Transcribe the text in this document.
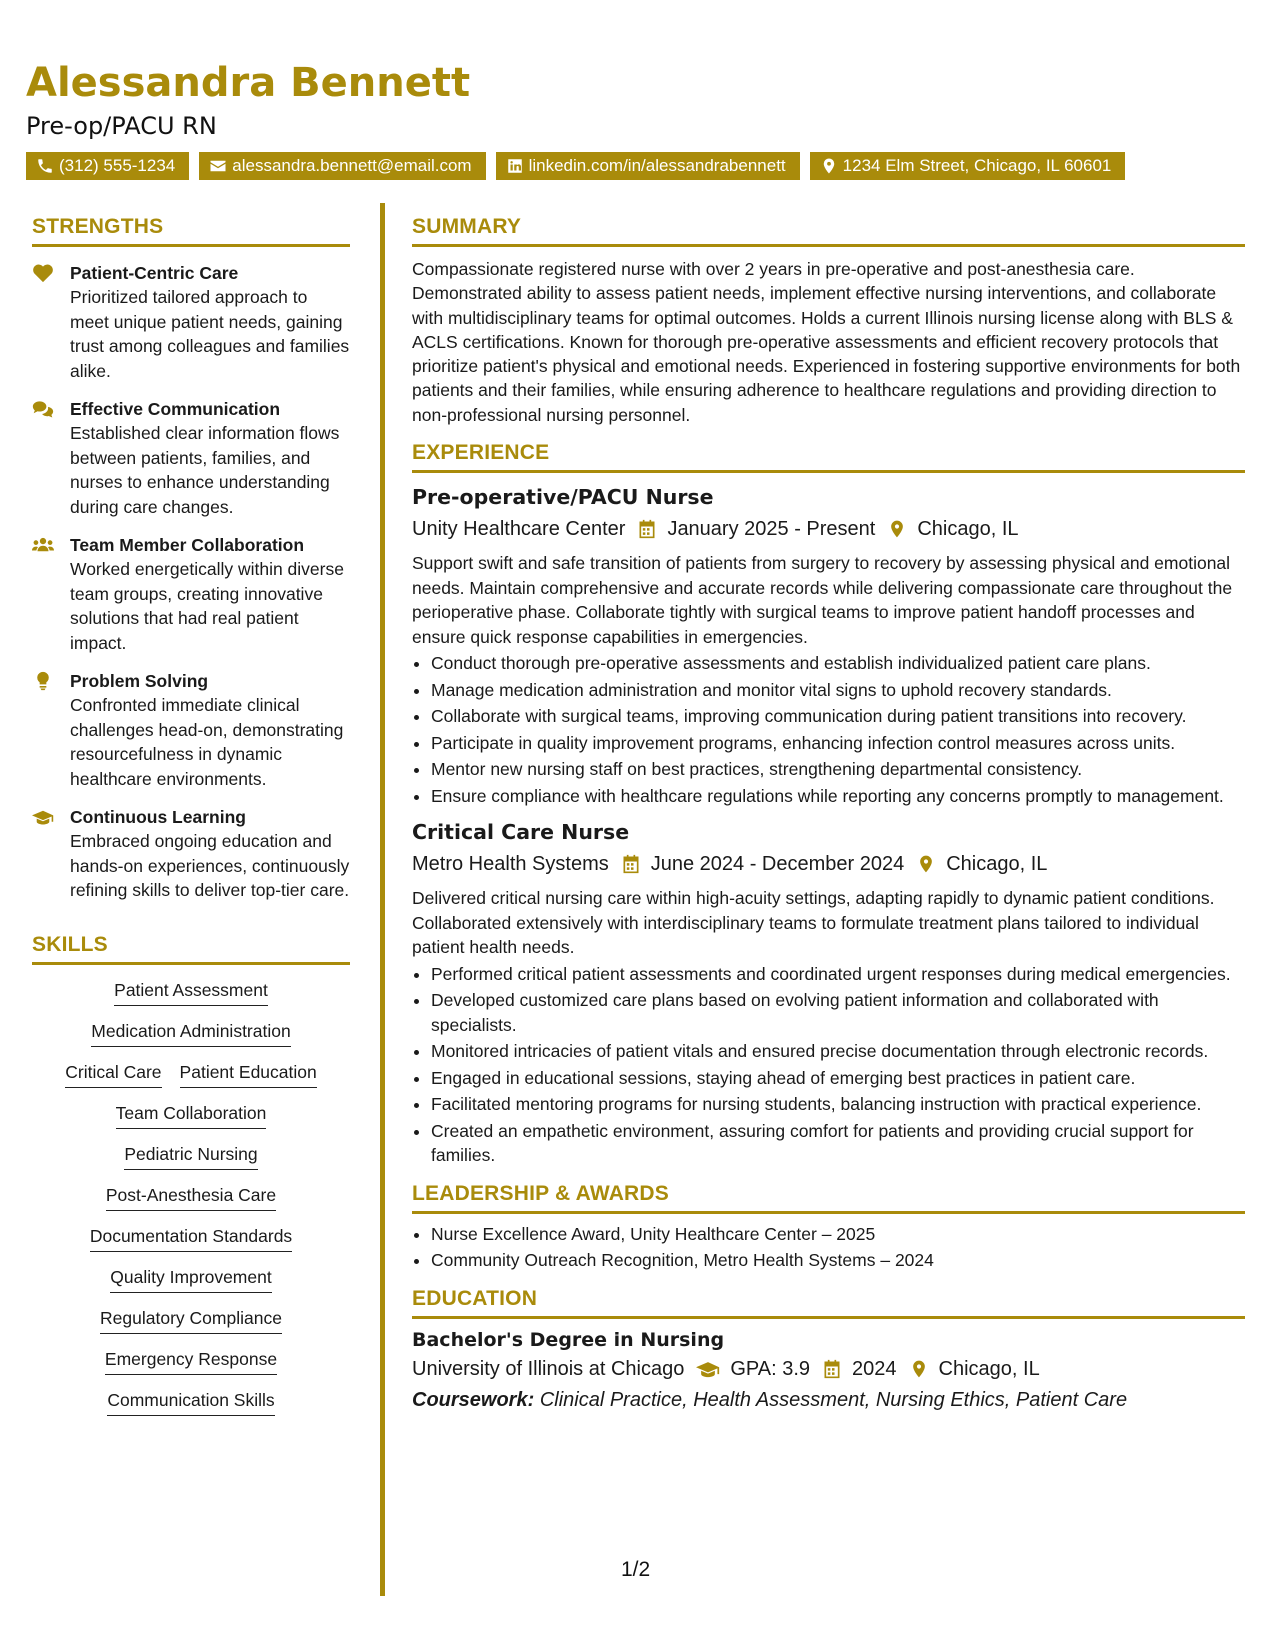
Alessandra Bennett
Pre-op/PACU RN
(312) 555-1234	alessandra.bennett@email.com	linkedin.com/in/alessandrabennett	1234 Elm Street, Chicago, IL 60601
STRENGTHS
Patient-Centric Care
Prioritized tailored approach to meet unique patient needs, gaining trust among colleagues and families alike.
Effective Communication
Established clear information flows between patients, families, and nurses to enhance understanding during care changes.
Team Member Collaboration
Worked energetically within diverse team groups, creating innovative solutions that had real patient impact.
Problem Solving
Confronted immediate clinical challenges head-on, demonstrating resourcefulness in dynamic healthcare environments.
Continuous Learning
Embraced ongoing education and hands-on experiences, continuously refining skills to deliver top-tier care.
SKILLS
Patient Assessment
Medication Administration
Critical Care Patient Education
Team Collaboration
Pediatric Nursing
Post-Anesthesia Care
Documentation Standards
Quality Improvement
Regulatory Compliance
Emergency Response
Communication Skills
SUMMARY
Compassionate registered nurse with over 2 years in pre-operative and post-anesthesia care. Demonstrated ability to assess patient needs, implement effective nursing interventions, and collaborate with multidisciplinary teams for optimal outcomes. Holds a current Illinois nursing license along with BLS & ACLS certifications. Known for thorough pre-operative assessments and efficient recovery protocols that prioritize patient's physical and emotional needs. Experienced in fostering supportive environments for both patients and their families, while ensuring adherence to healthcare regulations and providing direction to non-professional nursing personnel.
EXPERIENCE
Pre-operative/PACU Nurse
Unity Healthcare Center January 2025 - Present Chicago, IL
Support swift and safe transition of patients from surgery to recovery by assessing physical and emotional needs. Maintain comprehensive and accurate records while delivering compassionate care throughout the perioperative phase. Collaborate tightly with surgical teams to improve patient handoff processes and ensure quick response capabilities in emergencies.
• Conduct thorough pre-operative assessments and establish individualized patient care plans.
• Manage medication administration and monitor vital signs to uphold recovery standards.
• Collaborate with surgical teams, improving communication during patient transitions into recovery.
• Participate in quality improvement programs, enhancing infection control measures across units.
• Mentor new nursing staff on best practices, strengthening departmental consistency.
• Ensure compliance with healthcare regulations while reporting any concerns promptly to management.
Critical Care Nurse
Metro Health Systems June 2024 - December 2024 Chicago, IL
Delivered critical nursing care within high-acuity settings, adapting rapidly to dynamic patient conditions. Collaborated extensively with interdisciplinary teams to formulate treatment plans tailored to individual patient health needs.
• Performed critical patient assessments and coordinated urgent responses during medical emergencies.
• Developed customized care plans based on evolving patient information and collaborated with specialists.
• Monitored intricacies of patient vitals and ensured precise documentation through electronic records.
• Engaged in educational sessions, staying ahead of emerging best practices in patient care.
• Facilitated mentoring programs for nursing students, balancing instruction with practical experience.
• Created an empathetic environment, assuring comfort for patients and providing crucial support for families.
LEADERSHIP & AWARDS
• Nurse Excellence Award, Unity Healthcare Center – 2025
• Community Outreach Recognition, Metro Health Systems – 2024
EDUCATION
Bachelor's Degree in Nursing
University of Illinois at Chicago GPA: 3.9 2024 Chicago, IL
Coursework: Clinical Practice, Health Assessment, Nursing Ethics, Patient Care
1/2
